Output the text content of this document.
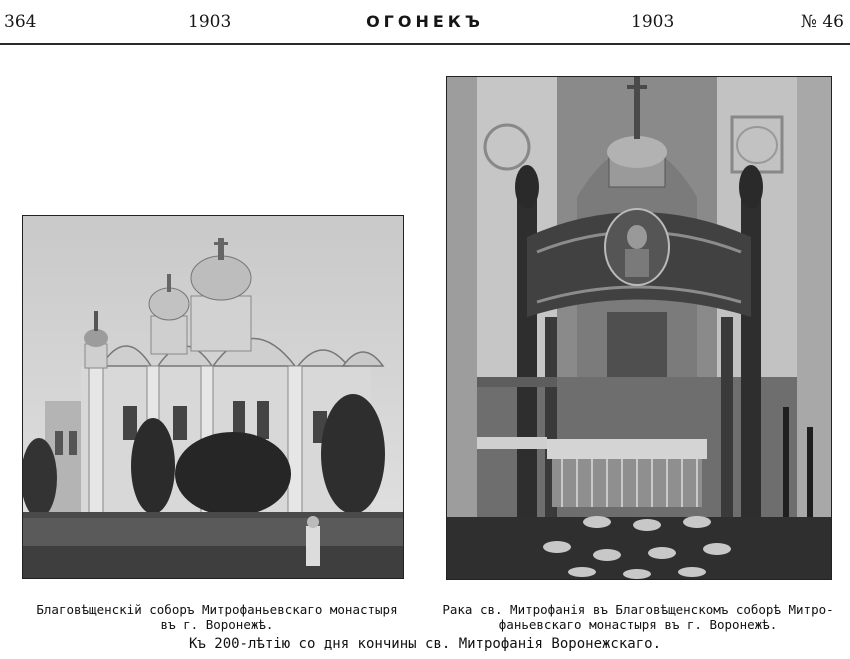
364	1903	ОГОНЕКЪ	1903	№ 46
Благовѣщенскій соборъ Митрофаньевскаго монастыря
въ г. Воронежѣ.
Рака св. Митрофанія въ Благовѣщенскомъ соборѣ Митро-
фаньевскаго монастыря въ г. Воронежѣ.
Къ 200-лѣтію со дня кончины св. Митрофанія Воронежскаго.
